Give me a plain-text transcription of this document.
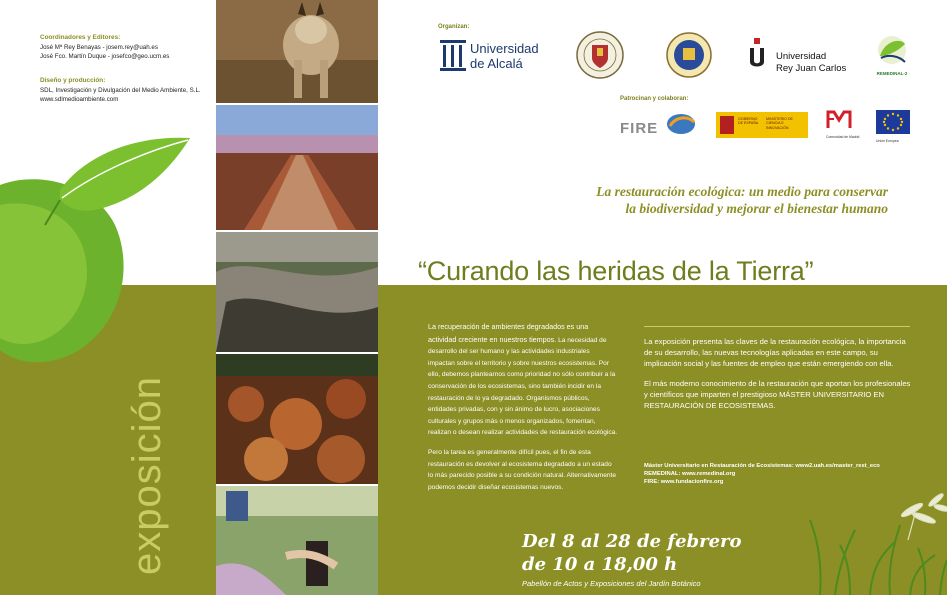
Coordinadores y Editores:
José Mª Rey Benayas - josem.rey@uah.es
José Fco. Martín Duque - josefco@geo.ucm.es
Diseño y producción:
SDL, Investigación y Divulgación del Medio Ambiente, S.L.
www.sdlmedioambiente.com
exposición
Organizan:
Universidad
de Alcalá	Universidad
Rey Juan Carlos	REMEDINAL-2
Patrocinan y colaboran:
FIRE
GOBIERNO DE ESPAÑA
MINISTERIO DE CIENCIA E INNOVACIÓN
Comunidad de Madrid
Unión Europea
La restauración ecológica: un medio para conservar
la biodiversidad y mejorar el bienestar humano
“Curando las heridas de la Tierra”

La recuperación de ambientes degradados es una actividad creciente en nuestros tiempos. La necesidad de desarrollo del ser humano y las actividades industriales impactan sobre el territorio y sobre nuestros ecosistemas. Por ello, debemos plantearnos como prioridad no sólo contribuir a la conservación de los ecosistemas, sino también incidir en la restauración de lo ya degradado. Organismos públicos, entidades privadas, con y sin ánimo de lucro, asociaciones culturales y grupos más o menos organizados, fomentan, realizan o desean realizar actividades de restauración ecológica.

Pero la tarea es generalmente difícil pues, el fin de esta restauración es devolver al ecosistema degradado a un estado lo más parecido posible a su condición natural. Alternativamente podemos decidir diseñar ecosistemas nuevos.

La exposición presenta las claves de la restauración ecológica, la importancia de su desarrollo, las nuevas tecnologías aplicadas en este campo, su implicación social y las fuentes de empleo que están emergiendo con ella.

El más moderno conocimiento de la restauración que aportan los profesionales y científicos que imparten el prestigioso MÁSTER UNIVERSITARIO EN RESTAURACIÓN DE ECOSISTEMAS.

Máster Universitario en Restauración de Ecosistemas: www2.uah.es/master_rest_eco
REMEDINAL: www.remedinal.org
FIRE: www.fundacionfire.org
Del 8 al 28 de febrero
de 10 a 18,00 h
Pabellón de Actos y Exposiciones del Jardín Botánico
